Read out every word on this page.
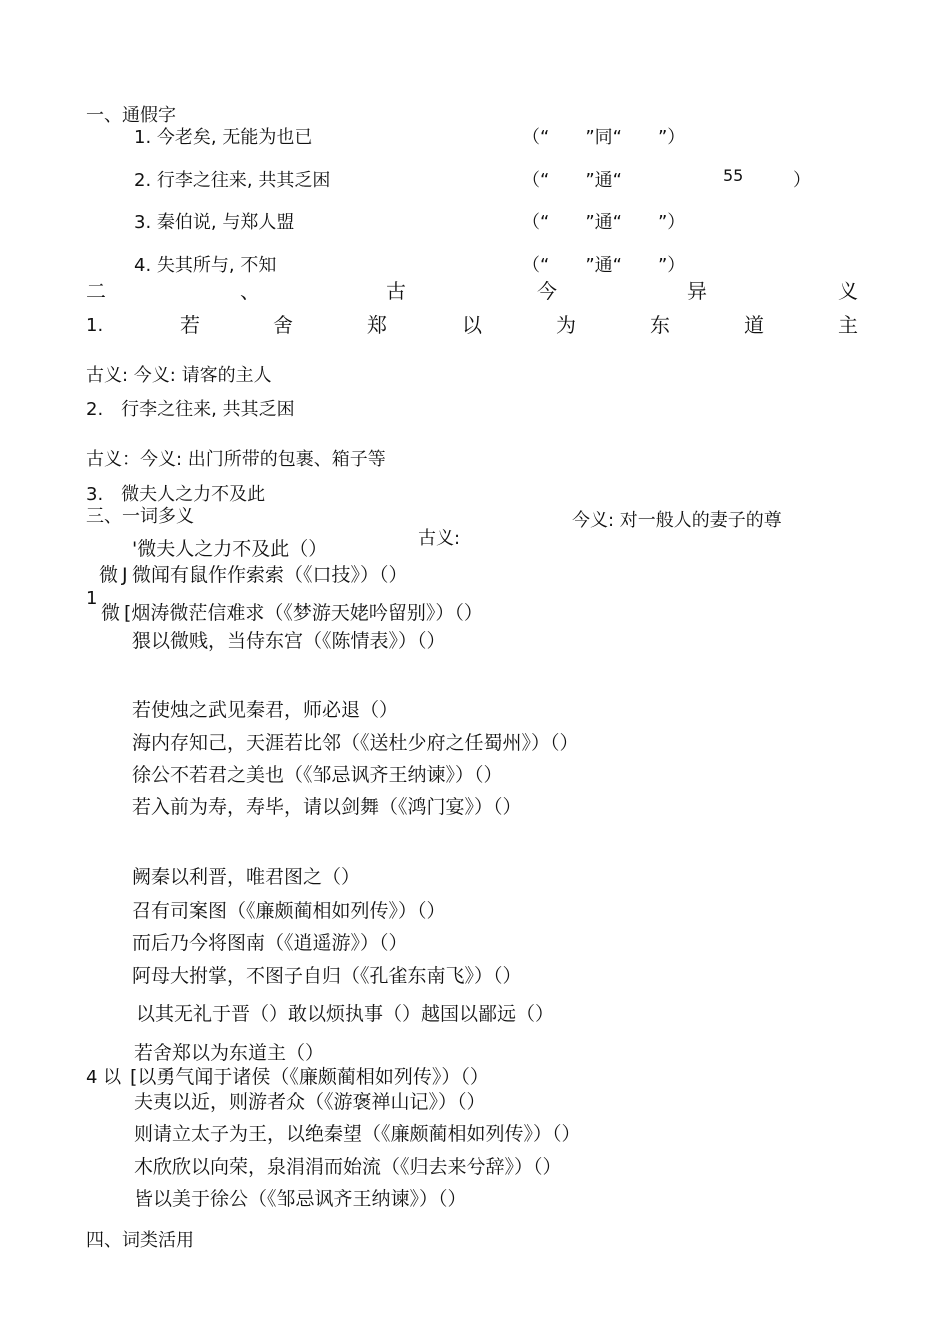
一、通假字
1. 今老矣, 无能为也已	（“　　”同“　　”）
2. 行李之往来, 共其乏困	（“　　”通“	55	）
3. 秦伯说, 与郑人盟	（“　　”通“　　”）
4. 失其所与, 不知	（“　　”通“　　”）
二	、	古	今	异	义
1.	若	舍	郑	以	为	东	道	主
古义: 今义: 请客的主人
2.　行李之往来, 共其乏困
古义：今义: 出门所带的包裹、箱子等
3.　微夫人之力不及此
古义:
今义: 对一般人的妻子的尊
三、一词多义
'微夫人之力不及此（）
微 J 微闻有鼠作作索索（《口技》）（）
1
微 [烟涛微茫信难求（《梦游天姥吟留别》）（）
猥以微贱，当侍东宫（《陈情表》）（）
若使烛之武见秦君，师必退（）
海内存知己，天涯若比邻（《送杜少府之任蜀州》）（）
徐公不若君之美也（《邹忌讽齐王纳谏》）（）
若入前为寿，寿毕，请以剑舞（《鸿门宴》）（）
阙秦以利晋，唯君图之（）
召有司案图（《廉颇蔺相如列传》）（）
而后乃今将图南（《逍遥游》）（）
阿母大拊掌，不图子自归（《孔雀东南飞》）（）
以其无礼于晋（）敢以烦执事（）越国以鄙远（）
若舍郑以为东道主（）
4 以 [以勇气闻于诸侯（《廉颇蔺相如列传》）（）
夫夷以近，则游者众（《游褒禅山记》）（）
则请立太子为王，以绝秦望（《廉颇蔺相如列传》）（）
木欣欣以向荣，泉涓涓而始流（《归去来兮辞》）（）
皆以美于徐公（《邹忌讽齐王纳谏》）（）
四、词类活用
